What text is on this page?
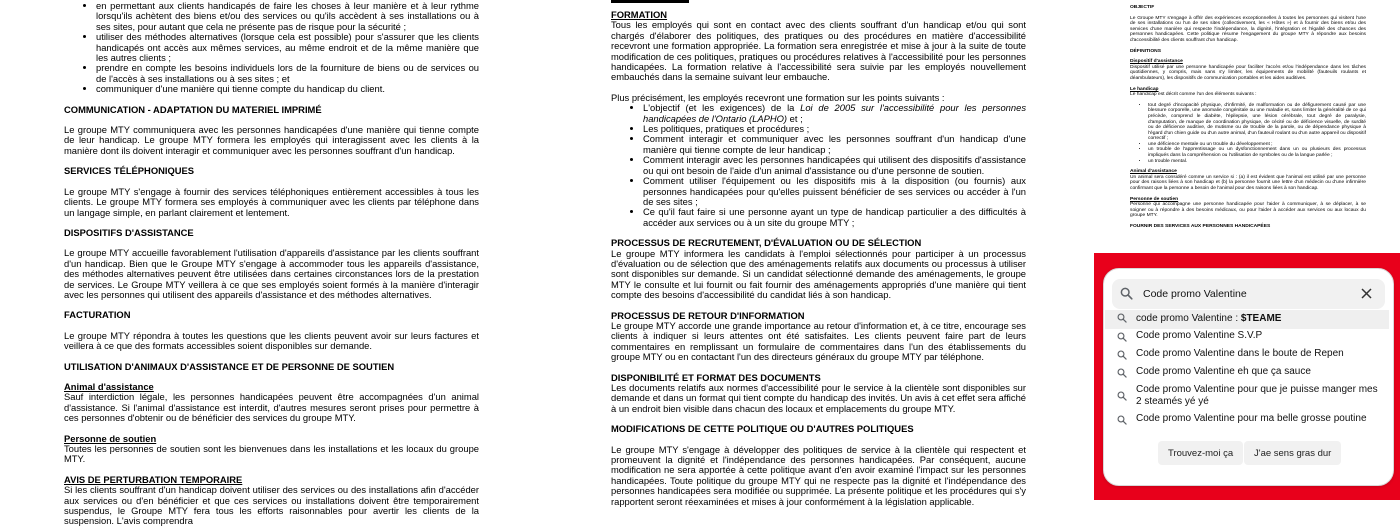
• en permettant aux clients handicapés de faire les choses à leur manière et à leur rythme lorsqu'ils achètent des biens et/ou des services ou qu'ils accèdent à ses installations ou à ses sites, pour autant que cela ne présente pas de risque pour la sécurité ;
• utiliser des méthodes alternatives (lorsque cela est possible) pour s'assurer que les clients handicapés ont accès aux mêmes services, au même endroit et de la même manière que les autres clients ;
• prendre en compte les besoins individuels lors de la fourniture de biens ou de services ou de l'accès à ses installations ou à ses sites ; et
• communiquer d'une manière qui tienne compte du handicap du client.

COMMUNICATION - ADAPTATION DU MATERIEL IMPRIMÉ

Le groupe MTY communiquera avec les personnes handicapées d'une manière qui tienne compte de leur handicap. Le groupe MTY formera les employés qui interagissent avec les clients à la manière dont ils doivent interagir et communiquer avec les personnes souffrant d'un handicap.

SERVICES TÉLÉPHONIQUES

Le groupe MTY s'engage à fournir des services téléphoniques entièrement accessibles à tous les clients. Le groupe MTY formera ses employés à communiquer avec les clients par téléphone dans un langage simple, en parlant clairement et lentement.

DISPOSITIFS D'ASSISTANCE

Le groupe MTY accueille favorablement l'utilisation d'appareils d'assistance par les clients souffrant d'un handicap. Bien que le Groupe MTY s'engage à accommoder tous les appareils d'assistance, des méthodes alternatives peuvent être utilisées dans certaines circonstances lors de la prestation de services. Le Groupe MTY veillera à ce que ses employés soient formés à la manière d'interagir avec les personnes qui utilisent des appareils d'assistance et des méthodes alternatives.

FACTURATION

Le groupe MTY répondra à toutes les questions que les clients peuvent avoir sur leurs factures et veillera à ce que des formats accessibles soient disponibles sur demande.

UTILISATION D'ANIMAUX D'ASSISTANCE ET DE PERSONNE DE SOUTIEN

Animal d'assistance

Sauf interdiction légale, les personnes handicapées peuvent être accompagnées d'un animal d'assistance. Si l'animal d'assistance est interdit, d'autres mesures seront prises pour permettre à ces personnes d'obtenir ou de bénéficier des services du groupe MTY.

Personne de soutien

Toutes les personnes de soutien sont les bienvenues dans les installations et les locaux du groupe MTY.

AVIS DE PERTURBATION TEMPORAIRE

Si les clients souffrant d'un handicap doivent utiliser des services ou des installations afin d'accéder aux services ou d'en bénéficier et que ces services ou installations doivent être temporairement suspendus, le Groupe MTY fera tous les efforts raisonnables pour avertir les clients de la suspension. L'avis comprendra

FORMATION

Tous les employés qui sont en contact avec des clients souffrant d'un handicap et/ou qui sont chargés d'élaborer des politiques, des pratiques ou des procédures en matière d'accessibilité recevront une formation appropriée. La formation sera enregistrée et mise à jour à la suite de toute modification de ces politiques, pratiques ou procédures relatives à l'accessibilité pour les personnes handicapées. La formation relative à l'accessibilité sera suivie par les employés nouvellement embauchés dans la semaine suivant leur embauche.

Plus précisément, les employés recevront une formation sur les points suivants :

• L'objectif (et les exigences) de la Loi de 2005 sur l'accessibilité pour les personnes handicapées de l'Ontario (LAPHO) et ;
• Les politiques, pratiques et procédures ;
• Comment interagir et communiquer avec les personnes souffrant d'un handicap d'une manière qui tienne compte de leur handicap ;
• Comment interagir avec les personnes handicapées qui utilisent des dispositifs d'assistance ou qui ont besoin de l'aide d'un animal d'assistance ou d'une personne de soutien.
• Comment utiliser l'équipement ou les dispositifs mis à la disposition (ou fournis) aux personnes handicapées pour qu'elles puissent bénéficier de ses services ou accéder à l'un de ses sites ;
• Ce qu'il faut faire si une personne ayant un type de handicap particulier a des difficultés à accéder aux services ou à un site du groupe MTY ;

PROCESSUS DE RECRUTEMENT, D'ÉVALUATION OU DE SÉLECTION

Le groupe MTY informera les candidats à l'emploi sélectionnés pour participer à un processus d'évaluation ou de sélection que des aménagements relatifs aux documents ou processus à utiliser sont disponibles sur demande. Si un candidat sélectionné demande des aménagements, le groupe MTY le consulte et lui fournit ou fait fournir des aménagements appropriés d'une manière qui tient compte des besoins d'accessibilité du candidat liés à son handicap.

PROCESSUS DE RETOUR D'INFORMATION

Le groupe MTY accorde une grande importance au retour d'information et, à ce titre, encourage ses clients à indiquer si leurs attentes ont été satisfaites. Les clients peuvent faire part de leurs commentaires en remplissant un formulaire de commentaires dans l'un des établissements du groupe MTY ou en contactant l'un des directeurs généraux du groupe MTY par téléphone.

DISPONIBILITÉ ET FORMAT DES DOCUMENTS

Les documents relatifs aux normes d'accessibilité pour le service à la clientèle sont disponibles sur demande et dans un format qui tient compte du handicap des invités. Un avis à cet effet sera affiché à un endroit bien visible dans chacun des locaux et emplacements du groupe MTY.

MODIFICATIONS DE CETTE POLITIQUE OU D'AUTRES POLITIQUES

Le groupe MTY s'engage à développer des politiques de service à la clientèle qui respectent et promeuvent la dignité et l'indépendance des personnes handicapées. Par conséquent, aucune modification ne sera apportée à cette politique avant d'en avoir examiné l'impact sur les personnes handicapées. Toute politique du groupe MTY qui ne respecte pas la dignité et l'indépendance des personnes handicapées sera modifiée ou supprimée. La présente politique et les procédures qui s'y rapportent seront réexaminées et mises à jour conformément à la législation applicable.

OBJECTIF

Le Groupe MTY s'engage à offrir des expériences exceptionnelles à toutes les personnes qui visitent l'une de ses installations ou l'un de ses sites (collectivement, les « Hôtes ») et à fournir des biens et/ou des services d'une manière qui respecte l'indépendance, la dignité, l'intégration et l'égalité des chances des personnes handicapées. Cette politique résume l'engagement du groupe MTY à répondre aux besoins d'accessibilité des clients souffrant d'un handicap.

DÉFINITIONS

Dispositif d'assistance

Dispositif utilisé par une personne handicapée pour faciliter l'accès et/ou l'indépendance dans les tâches quotidiennes, y compris, mais sans s'y limiter, les équipements de mobilité (fauteuils roulants et déambulateurs), les dispositifs de communication portables et les aides auditives.

Le handicap

Le handicap est décrit comme l'un des éléments suivants :

• tout degré d'incapacité physique, d'infirmité, de malformation ou de défigurement causé par une blessure corporelle, une anomalie congénitale ou une maladie et, sans limiter la généralité de ce qui précède, comprend le diabète, l'épilepsie, une lésion cérébrale, tout degré de paralysie, d'amputation, de manque de coordination physique, de cécité ou de déficience visuelle, de surdité ou de déficience auditive, de mutisme ou de trouble de la parole, ou de dépendance physique à l'égard d'un chien guide ou d'un autre animal, d'un fauteuil roulant ou d'un autre appareil ou dispositif correctif ;
• une déficience mentale ou un trouble du développement ;
• un trouble de l'apprentissage ou un dysfonctionnement dans un ou plusieurs des processus impliqués dans la compréhension ou l'utilisation de symboles ou de la langue parlée ;
• un trouble mental.

Animal d'assistance

Un animal sera considéré comme un service si : (a) il est évident que l'animal est utilisé par une personne pour des raisons liées à son handicap et (b) la personne fournit une lettre d'un médecin ou d'une infirmière confirmant que la personne a besoin de l'animal pour des raisons liées à son handicap.

Personne de soutien

Personne qui accompagne une personne handicapée pour l'aider à communiquer, à se déplacer, à se soigner ou à répondre à des besoins médicaux, ou pour l'aider à accéder aux services ou aux locaux du groupe MTY.

FOURNIR DES SERVICES AUX PERSONNES HANDICAPÉES

Code promo Valentine
code promo Valentine : $TEAME
Code promo Valentine S.V.P
Code promo Valentine dans le boute de Repen
Code promo Valentine eh que ça sauce
Code promo Valentine pour que je puisse manger mes 2 steamés yé yé
Code promo Valentine pour ma belle grosse poutine
Trouvez-moi ça	J'ae sens gras dur
